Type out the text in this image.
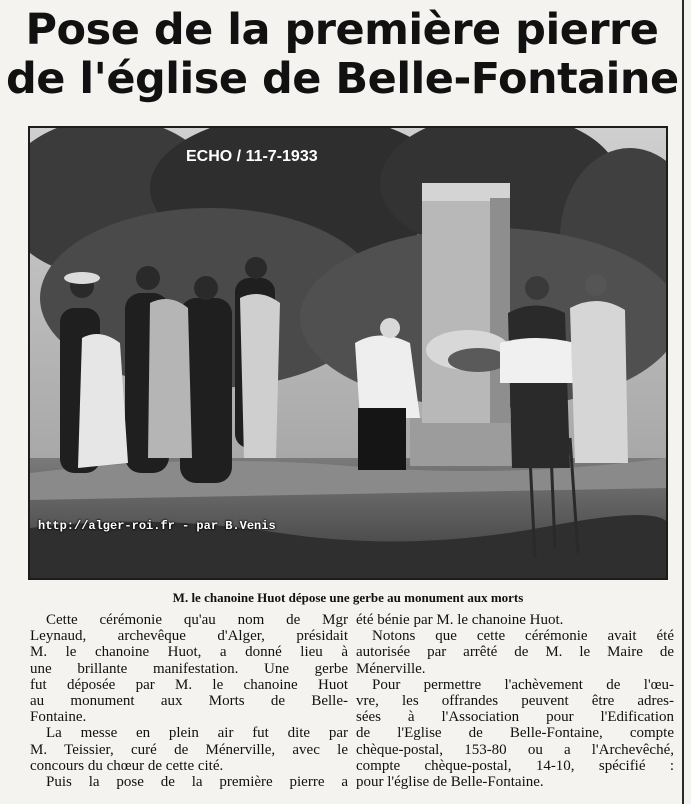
Pose de la première pierre
de l'église de Belle-Fontaine
ECHO / 11-7-1933
http://alger-roi.fr - par B.Venis

M. le chanoine Huot dépose une gerbe au monument aux morts

Cette cérémonie qu'au nom de Mgr
Leynaud, archevêque d'Alger, présidait
M. le chanoine Huot, a donné lieu à
une brillante manifestation. Une gerbe
fut déposée par M. le chanoine Huot
au monument aux Morts de Belle-
Fontaine.
La messe en plein air fut dite par
M. Teissier, curé de Ménerville, avec le
concours du chœur de cette cité.
Puis la pose de la première pierre a
été bénie par M. le chanoine Huot.
Notons que cette cérémonie avait été
autorisée par arrêté de M. le Maire de
Ménerville.
Pour permettre l'achèvement de l'œu-
vre, les offrandes peuvent être adres-
sées à l'Association pour l'Edification
de l'Eglise de Belle-Fontaine, compte
chèque-postal, 153-80 ou a l'Archevêché,
compte chèque-postal, 14-10, spécifié :
pour l'église de Belle-Fontaine.
